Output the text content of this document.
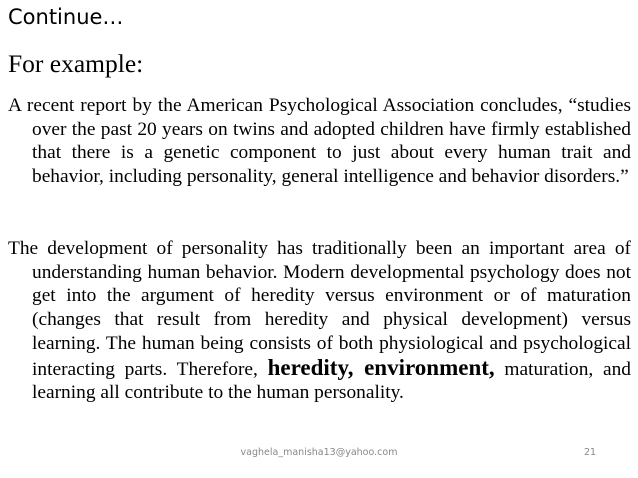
Continue…
For example:

A recent report by the American Psychological Association concludes, “studies over the past 20 years on twins and adopted children have firmly established that there is a genetic component to just about every human trait and behavior, including personality, general intelligence and behavior disorders.”

The development of personality has traditionally been an important area of understanding human behavior. Modern developmental psychology does not get into the argument of heredity versus environment or of maturation (changes that result from heredity and physical development) versus learning. The human being consists of both physiological and psychological interacting parts. Therefore, heredity, environment, maturation, and learning all contribute to the human personality.

vaghela_manisha13@yahoo.com	21
